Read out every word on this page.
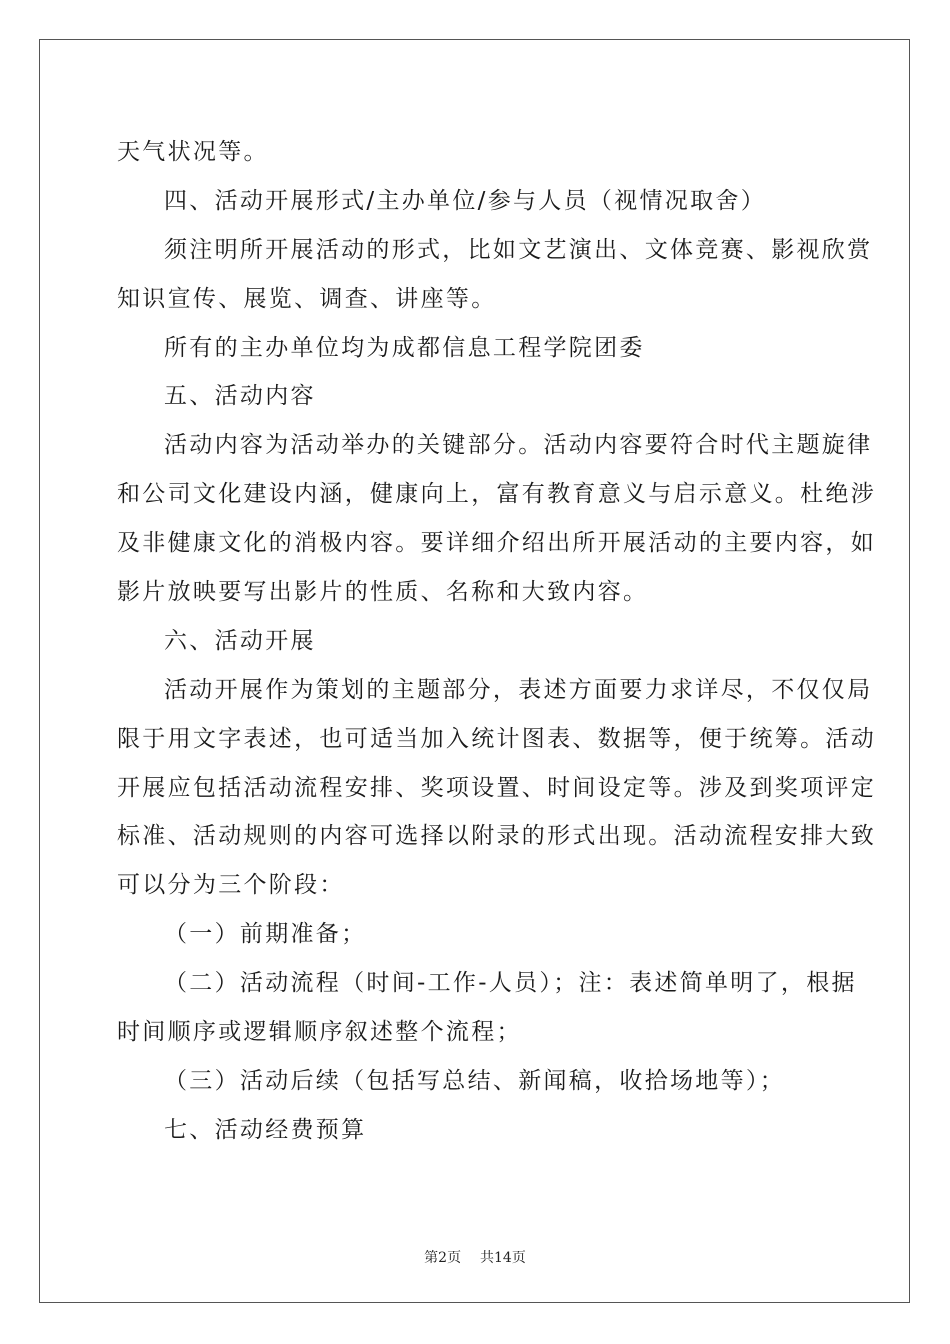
天气状况等。
四、活动开展形式/主办单位/参与人员（视情况取舍）
须注明所开展活动的形式，比如文艺演出、文体竞赛、影视欣赏
知识宣传、展览、调查、讲座等。
所有的主办单位均为成都信息工程学院团委
五、活动内容
活动内容为活动举办的关键部分。活动内容要符合时代主题旋律
和公司文化建设内涵，健康向上，富有教育意义与启示意义。杜绝涉
及非健康文化的消极内容。要详细介绍出所开展活动的主要内容，如
影片放映要写出影片的性质、名称和大致内容。
六、活动开展
活动开展作为策划的主题部分，表述方面要力求详尽，不仅仅局
限于用文字表述，也可适当加入统计图表、数据等，便于统筹。活动
开展应包括活动流程安排、奖项设置、时间设定等。涉及到奖项评定
标准、活动规则的内容可选择以附录的形式出现。活动流程安排大致
可以分为三个阶段：
（一）前期准备；
（二）活动流程（时间-工作-人员）；注：表述简单明了，根据
时间顺序或逻辑顺序叙述整个流程；
（三）活动后续（包括写总结、新闻稿，收拾场地等）；
七、活动经费预算
第2页 共14页
